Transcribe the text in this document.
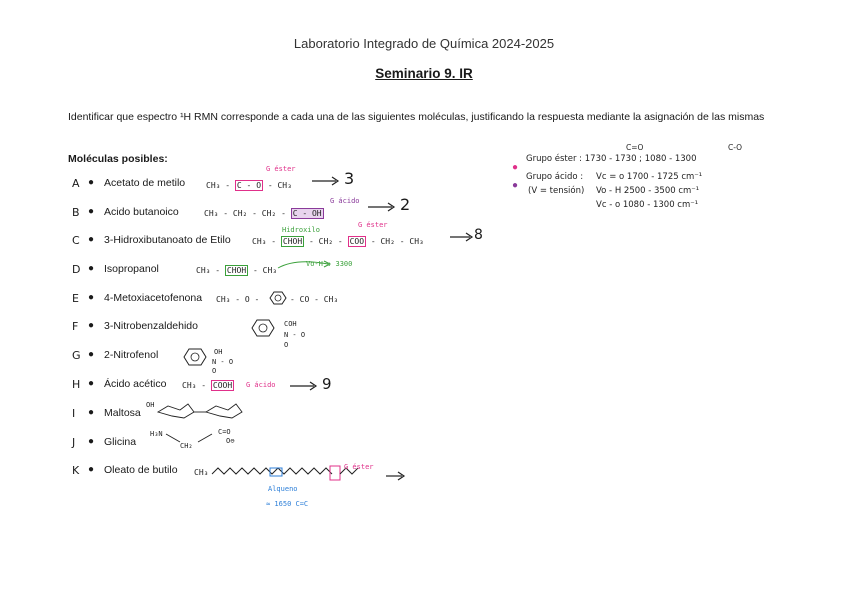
Laboratorio Integrado de Química 2024-2025
Seminario 9. IR
Identificar que espectro ¹H RMN corresponde a cada una de las siguientes moléculas, justificando la respuesta mediante la asignación de las mismas
Moléculas posibles:
A ● Acetato de metilo
B ● Acido butanoico
C ● 3-Hidroxibutanoato de Etilo
D ● Isopropanol
E ● 4-Metoxiacetofenona
F ● 3-Nitrobenzaldehido
G ● 2-Nitrofenol
H ● Ácido acético
I	● Maltosa
J	● Glicina
K ● Oleato de butilo
CH₃ - C - O - CH₃
G éster	3
CH₃ - CH₂ - CH₂ - C - OH
G ácido	2
CH₃ - CHOH - CH₂ - COO - CH₂ - CH₃
Hidroxilo
G éster
8
CH₃ - CHOH - CH₃
Vo-H : 3300
CH₃ - O -	- CO - CH₃
COH
N - O
O
OH
N - O
O
CH₃ - COOH G ácido	9
OH
H₃N
CH₂
C=O
O⊖
CH₃
Alqueno
G éster
≈ 1650 C=C
C=O	C-O
●
Grupo éster : 1730 - 1730 ; 1080 - 1300
●
Grupo ácido : Vc = o 1700 - 1725 cm⁻¹
(V = tensión) Vo - H 2500 - 3500 cm⁻¹
Vc - o 1080 - 1300 cm⁻¹
